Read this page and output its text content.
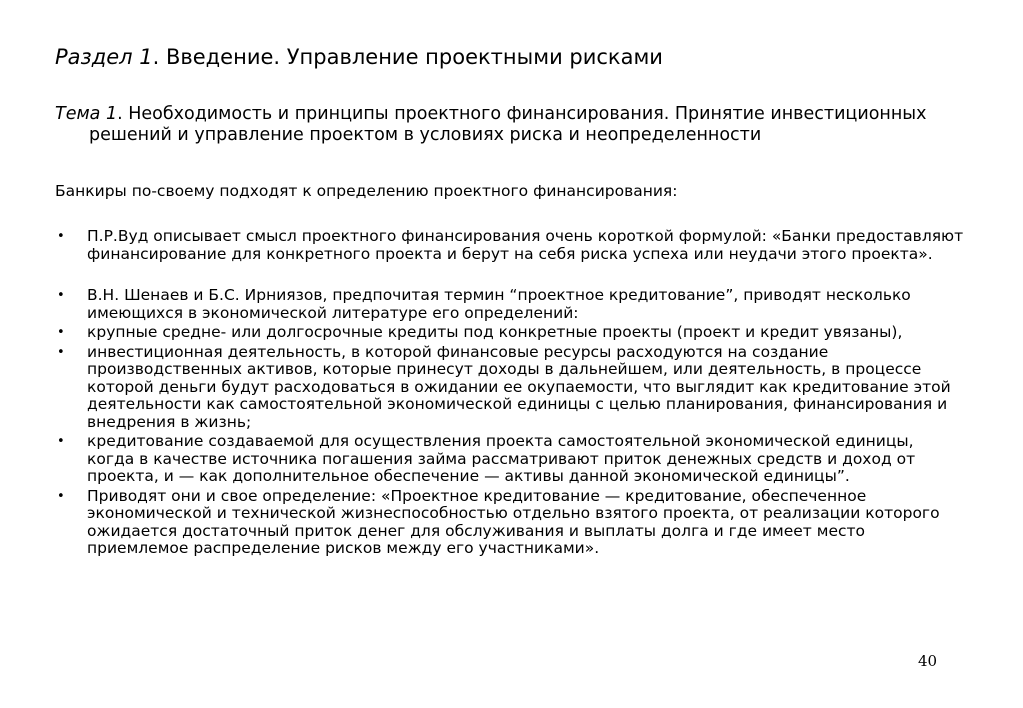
Раздел 1. Введение. Управление проектными рисками
Тема 1. Необходимость и принципы проектного финансирования. Принятие инвестиционных решений и управление проектом в условиях риска и неопределенности
Банкиры по-своему подходят к определению проектного финансирования:
• П.Р.Вуд описывает смысл проектного финансирования очень короткой формулой: «Банки предоставляют финансирование для конкретного проекта и берут на себя риска успеха или неудачи этого проекта».
• В.Н. Шенаев и Б.С. Ирниязов, предпочитая термин “проектное кредитование”, приводят несколько имеющихся в экономической литературе его определений:
• крупные средне- или долгосрочные кредиты под конкретные проекты (проект и кредит увязаны),
• инвестиционная деятельность, в которой финансовые ресурсы расходуются на создание производственных активов, которые принесут доходы в дальнейшем, или деятельность, в процессе которой деньги будут расходоваться в ожидании ее окупаемости, что выглядит как кредитование этой деятельности как самостоятельной экономической единицы с целью планирования, финансирования и внедрения в жизнь;
• кредитование создаваемой для осуществления проекта самостоятельной экономической единицы, когда в качестве источника погашения займа рассматривают приток денежных средств и доход от проекта, и — как дополнительное обеспечение — активы данной экономической единицы”.
• Приводят они и свое определение: «Проектное кредитование — кредитование, обеспеченное экономической и технической жизнеспособностью отдельно взятого проекта, от реализации которого ожидается достаточный приток денег для обслуживания и выплаты долга и где имеет место приемлемое распределение рисков между его участниками».
40
